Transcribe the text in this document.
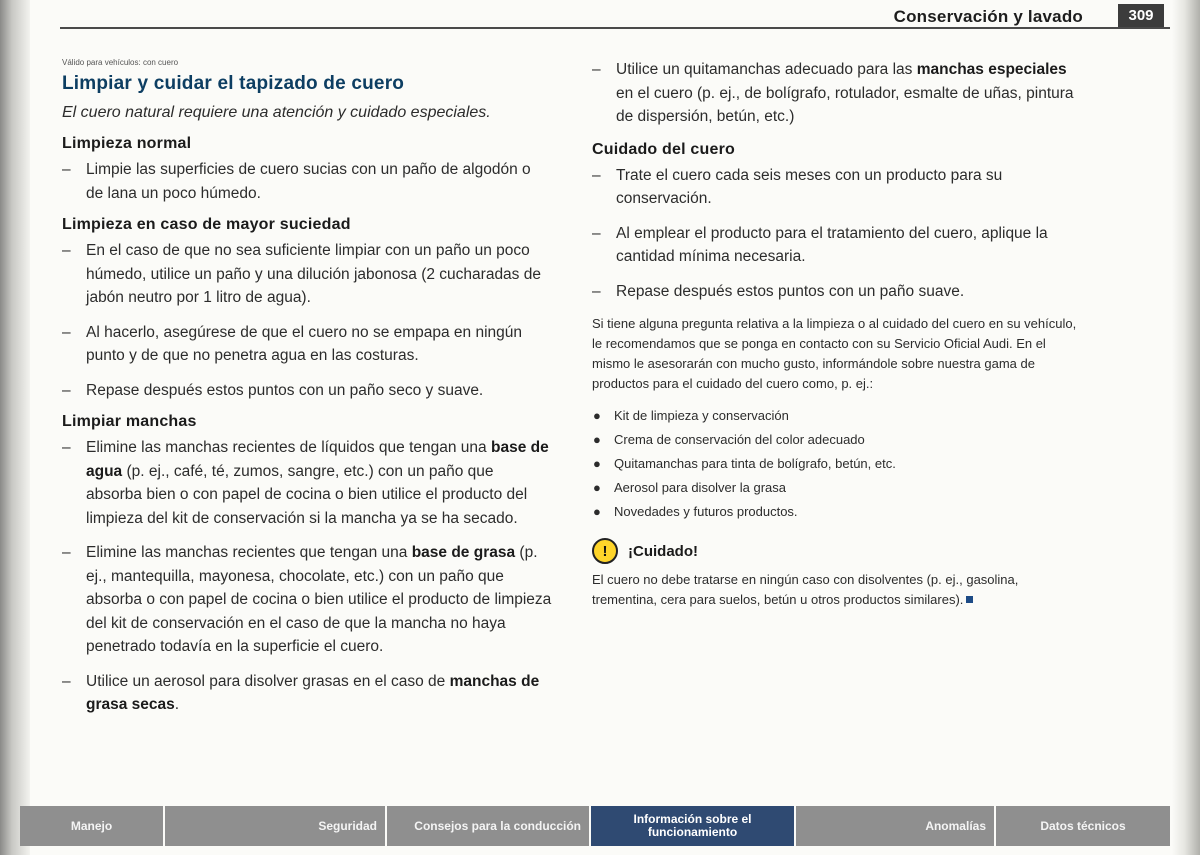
Conservación y lavado	309
Válido para vehículos: con cuero
Limpiar y cuidar el tapizado de cuero

El cuero natural requiere una atención y cuidado especiales.

Limpieza normal
– Limpie las superficies de cuero sucias con un paño de algodón o de lana un poco húmedo.
Limpieza en caso de mayor suciedad
– En el caso de que no sea suficiente limpiar con un paño un poco húmedo, utilice un paño y una dilución jabonosa (2 cucharadas de jabón neutro por 1 litro de agua).
– Al hacerlo, asegúrese de que el cuero no se empapa en ningún punto y de que no penetra agua en las costuras.
– Repase después estos puntos con un paño seco y suave.
Limpiar manchas
– Elimine las manchas recientes de líquidos que tengan una base de agua (p. ej., café, té, zumos, sangre, etc.) con un paño que absorba bien o con papel de cocina o bien utilice el producto del limpieza del kit de conservación si la mancha ya se ha secado.
– Elimine las manchas recientes que tengan una base de grasa (p. ej., mantequilla, mayonesa, chocolate, etc.) con un paño que absorba o con papel de cocina o bien utilice el producto de limpieza del kit de conservación en el caso de que la mancha no haya penetrado todavía en la superficie el cuero.
– Utilice un aerosol para disolver grasas en el caso de manchas de grasa secas.
– Utilice un quitamanchas adecuado para las manchas especiales en el cuero (p. ej., de bolígrafo, rotulador, esmalte de uñas, pintura de dispersión, betún, etc.)
Cuidado del cuero
– Trate el cuero cada seis meses con un producto para su conservación.
– Al emplear el producto para el tratamiento del cuero, aplique la cantidad mínima necesaria.
– Repase después estos puntos con un paño suave.

Si tiene alguna pregunta relativa a la limpieza o al cuidado del cuero en su vehículo, le recomendamos que se ponga en contacto con su Servicio Oficial Audi. En el mismo le asesorarán con mucho gusto, informándole sobre nuestra gama de productos para el cuidado del cuero como, p. ej.:

● Kit de limpieza y conservación
● Crema de conservación del color adecuado
● Quitamanchas para tinta de bolígrafo, betún, etc.
● Aerosol para disolver la grasa
● Novedades y futuros productos.
!	¡Cuidado!

El cuero no debe tratarse en ningún caso con disolventes (p. ej., gasolina, trementina, cera para suelos, betún u otros productos similares).

Manejo	Seguridad	Consejos para la conducción	Información sobre el funcionamiento	Anomalías	Datos técnicos
